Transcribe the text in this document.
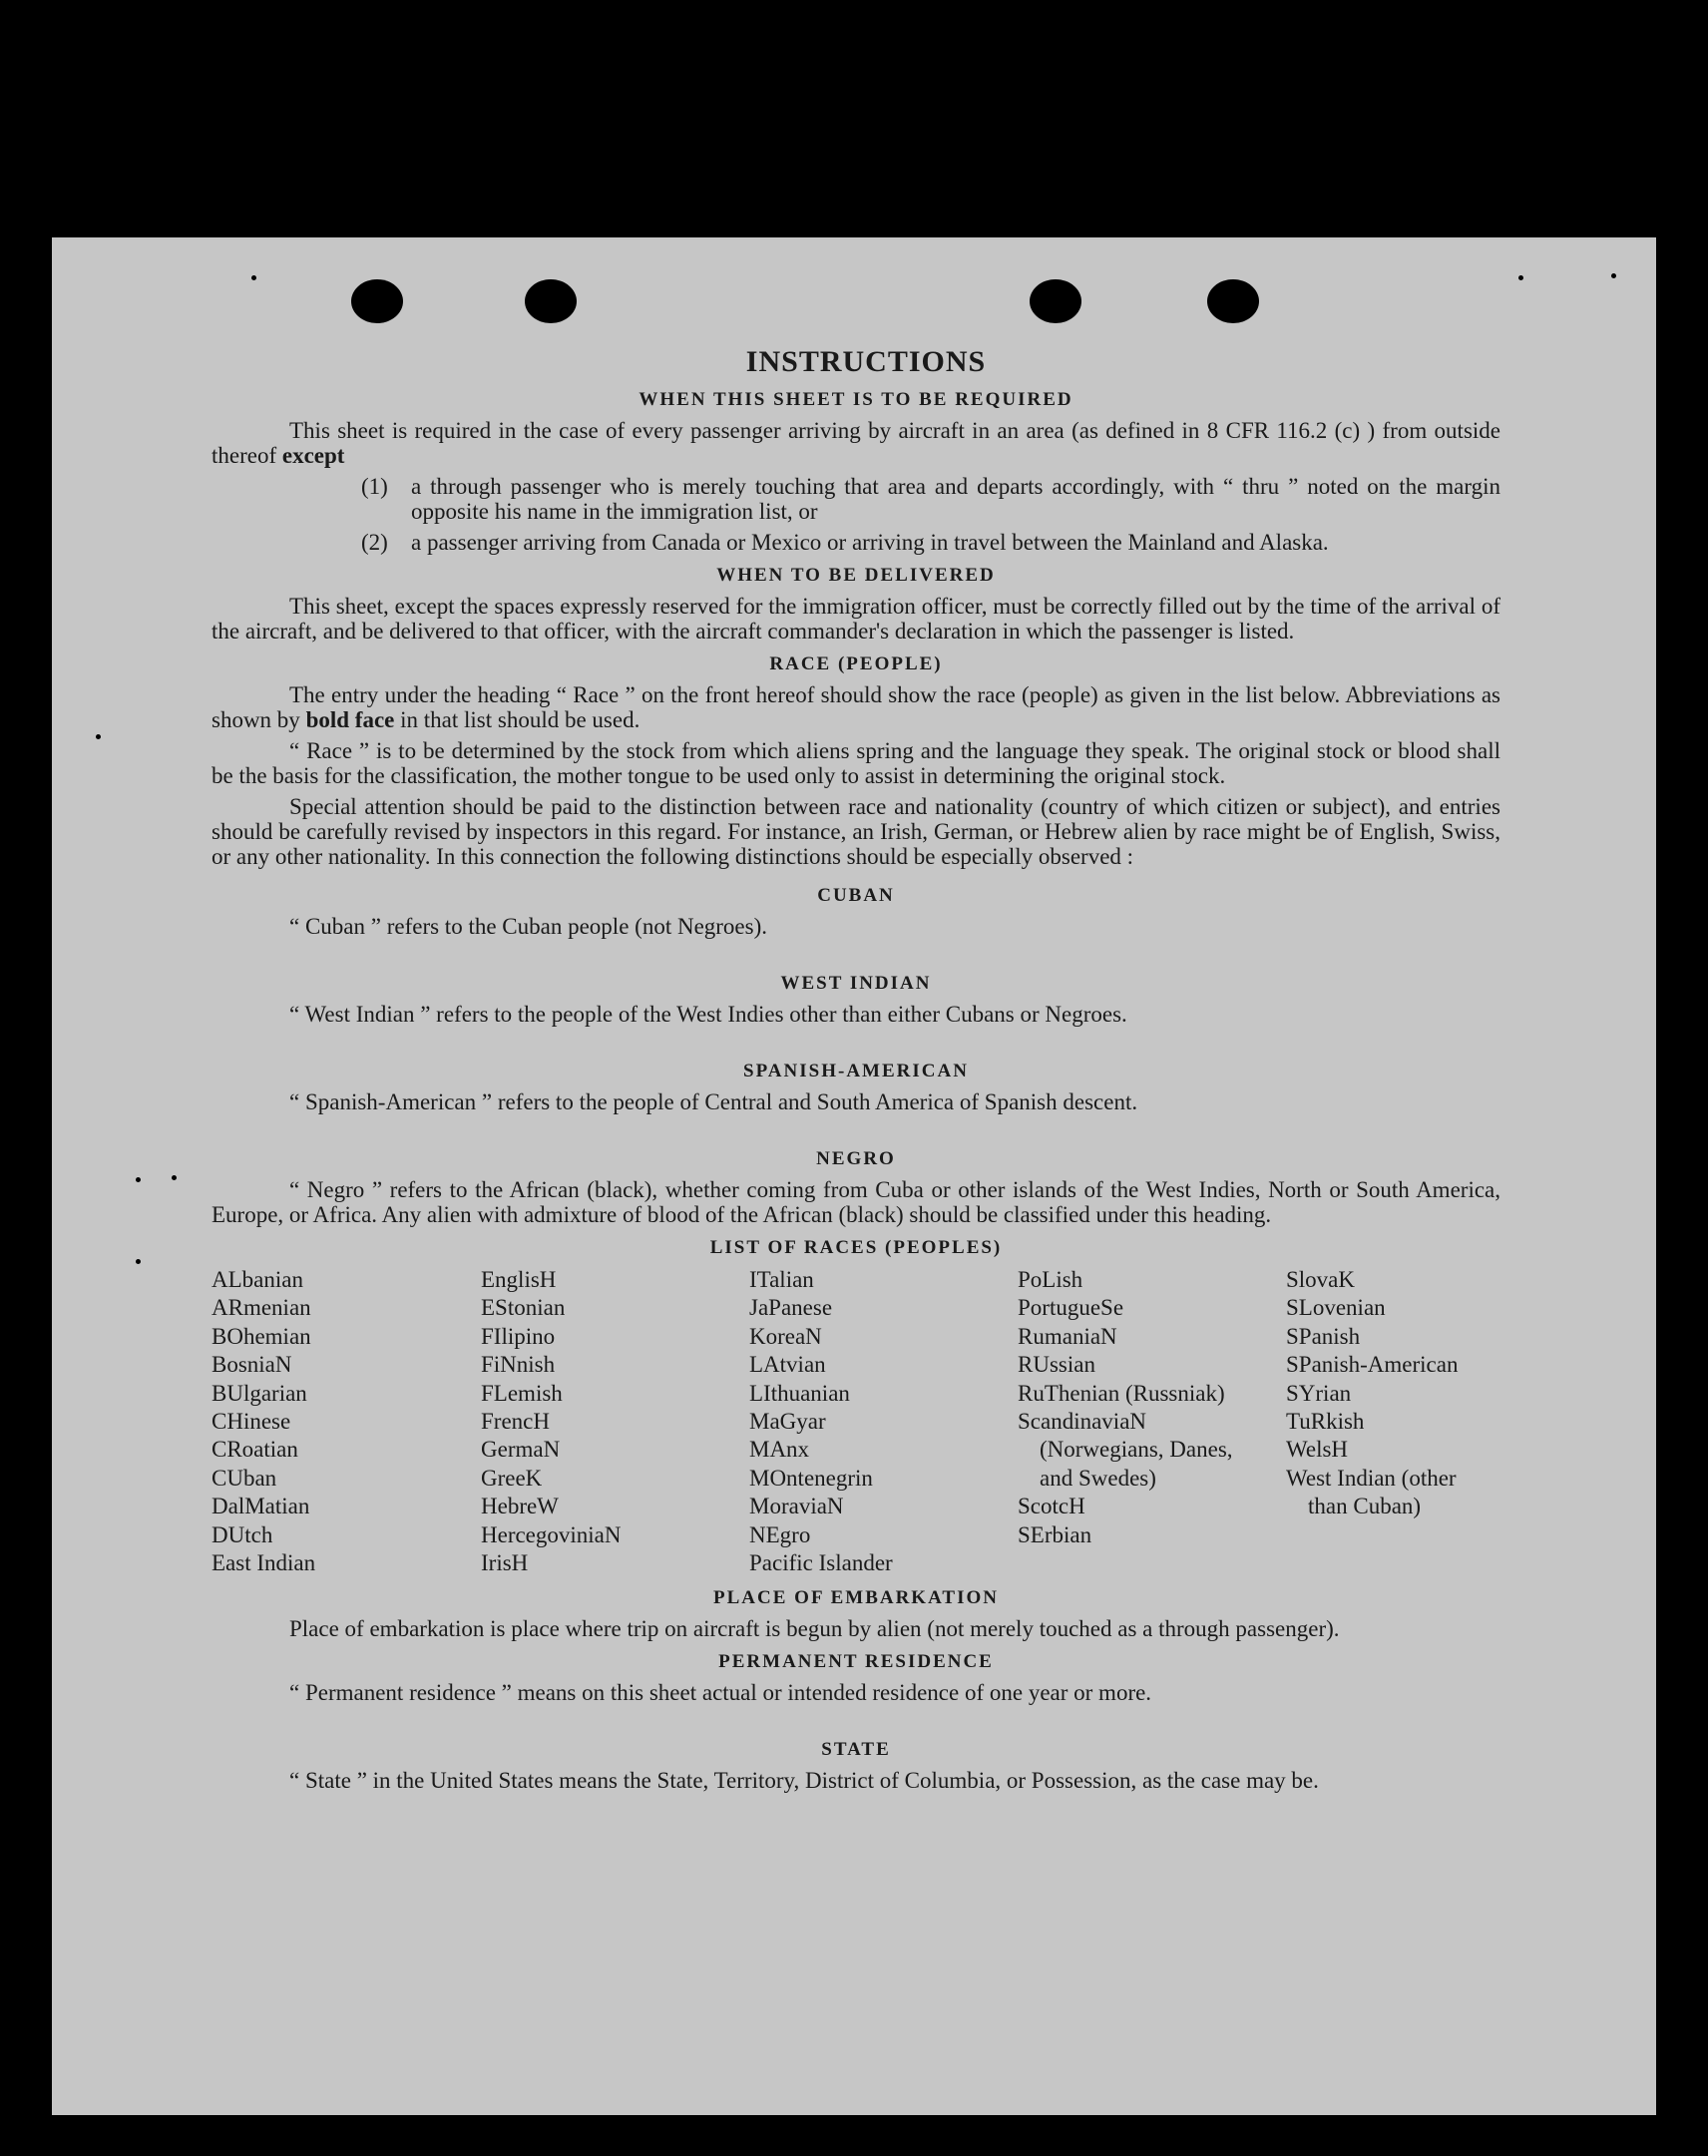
INSTRUCTIONS
WHEN THIS SHEET IS TO BE REQUIRED

This sheet is required in the case of every passenger arriving by aircraft in an area (as defined in 8 CFR 116.2 (c) ) from outside thereof except

(1)	a through passenger who is merely touching that area and departs accordingly, with “ thru ” noted on the margin opposite his name in the immigration list, or
(2)	a passenger arriving from Canada or Mexico or arriving in travel between the Mainland and Alaska.
WHEN TO BE DELIVERED

This sheet, except the spaces expressly reserved for the immigration officer, must be correctly filled out by the time of the arrival of the aircraft, and be delivered to that officer, with the aircraft commander's declaration in which the passenger is listed.

RACE (PEOPLE)

The entry under the heading “ Race ” on the front hereof should show the race (people) as given in the list below. Abbreviations as shown by bold face in that list should be used.

“ Race ” is to be determined by the stock from which aliens spring and the language they speak. The original stock or blood shall be the basis for the classification, the mother tongue to be used only to assist in determining the original stock.

Special attention should be paid to the distinction between race and nationality (country of which citizen or subject), and entries should be carefully revised by inspectors in this regard. For instance, an Irish, German, or Hebrew alien by race might be of English, Swiss, or any other nationality. In this connection the following distinctions should be especially observed :

CUBAN

“ Cuban ” refers to the Cuban people (not Negroes).

WEST INDIAN

“ West Indian ” refers to the people of the West Indies other than either Cubans or Negroes.

SPANISH-AMERICAN

“ Spanish-American ” refers to the people of Central and South America of Spanish descent.

NEGRO

“ Negro ” refers to the African (black), whether coming from Cuba or other islands of the West Indies, North or South America, Europe, or Africa. Any alien with admixture of blood of the African (black) should be classified under this heading.

LIST OF RACES (PEOPLES)
ALbanian
ARmenian
BOhemian
BosniaN
BUlgarian
CHinese
CRoatian
CUban
DalMatian
DUtch
East Indian
EnglisH
EStonian
FIlipino
FiNnish
FLemish
FrencH
GermaN
GreeK
HebreW
HercegoviniaN
IrisH
ITalian
JaPanese
KoreaN
LAtvian
LIthuanian
MaGyar
MAnx
MOntenegrin
MoraviaN
NEgro
Pacific Islander
PoLish
PortugueSe
RumaniaN
RUssian
RuThenian (Russniak)
ScandinaviaN (Norwegians, Danes, and Swedes)
ScotcH
SErbian
SlovaK
SLovenian
SPanish
SPanish-American
SYrian
TuRkish
WelsH
West Indian (other than Cuban)
PLACE OF EMBARKATION

Place of embarkation is place where trip on aircraft is begun by alien (not merely touched as a through passenger).

PERMANENT RESIDENCE

“ Permanent residence ” means on this sheet actual or intended residence of one year or more.

STATE

“ State ” in the United States means the State, Territory, District of Columbia, or Possession, as the case may be.
